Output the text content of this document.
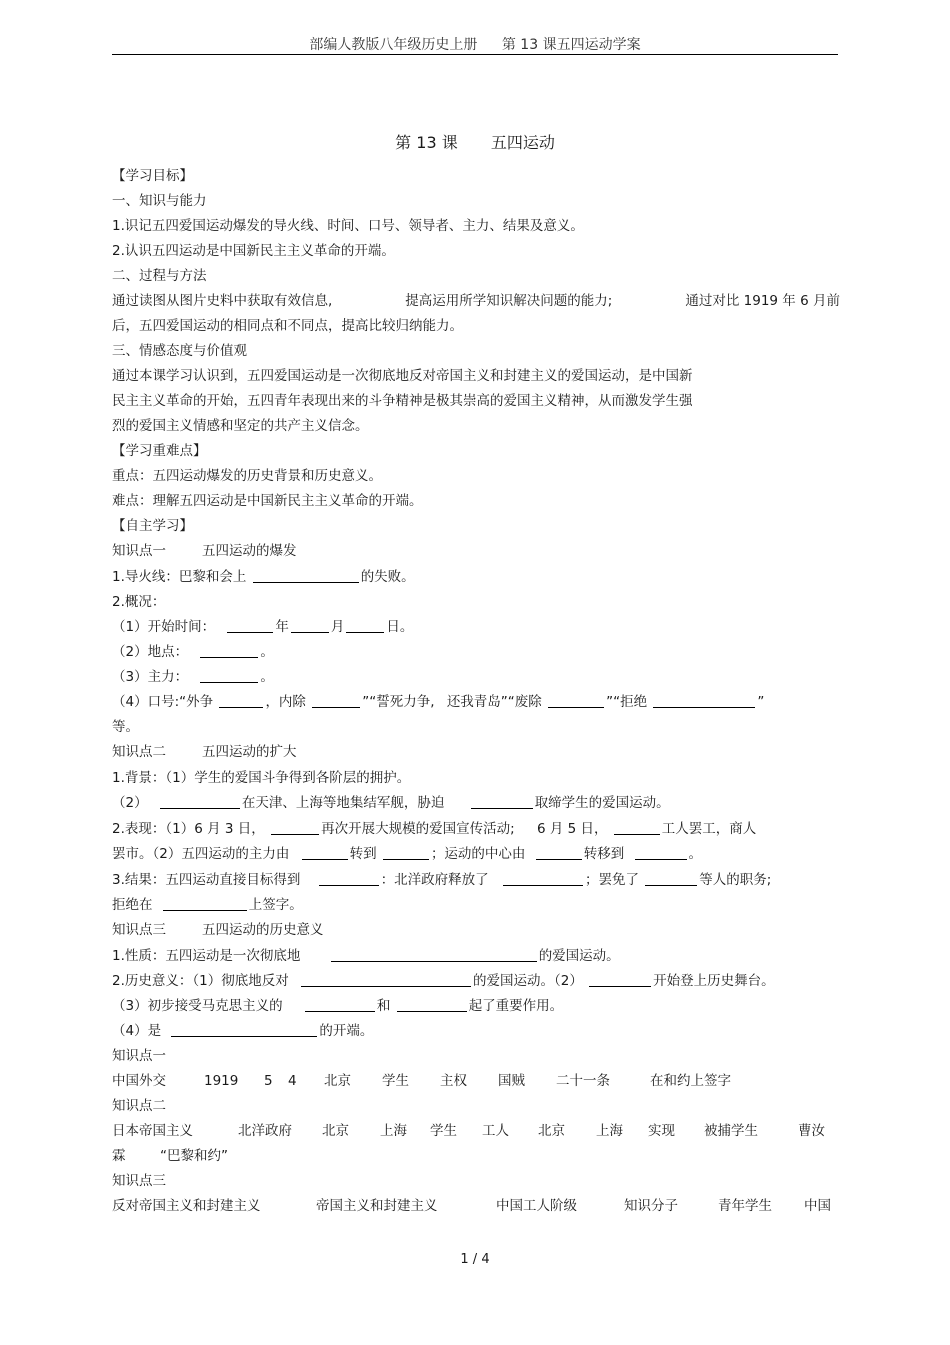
部编人教版八年级历史上册 第 13 课五四运动学案
第 13 课 五四运动
【学习目标】
一、知识与能力
1.识记五四爱国运动爆发的导火线、时间、口号、领导者、主力、结果及意义。
2.认识五四运动是中国新民主主义革命的开端。
二、过程与方法
通过读图从图片史料中获取有效信息,	提高运用所学知识解决问题的能力;	通过对比 1919 年 6 月前
后，五四爱国运动的相同点和不同点，提高比较归纳能力。
三、情感态度与价值观
通过本课学习认识到，五四爱国运动是一次彻底地反对帝国主义和封建主义的爱国运动，是中国新
民主主义革命的开始，五四青年表现出来的斗争精神是极其崇高的爱国主义精神，从而激发学生强
烈的爱国主义情感和坚定的共产主义信念。
【学习重难点】
重点：五四运动爆发的历史背景和历史意义。
难点：理解五四运动是中国新民主主义革命的开端。
【自主学习】
知识点一	五四运动的爆发
1.导火线：巴黎和会上	的失败。
2.概况：
（1）开始时间：	年	月	日。
（2）地点：	。
（3）主力：	。
（4）口号:“外争	，内除	”“誓死力争, 还我青岛”“废除	”“拒绝	”
等。
知识点二	五四运动的扩大
1.背景：（1）学生的爱国斗争得到各阶层的拥护。
（2）	在天津、上海等地集结军舰，胁迫	取缔学生的爱国运动。
2.表现：（1）6 月 3 日，	再次开展大规模的爱国宣传活动; 6 月 5 日，	工人罢工，商人
罢市。（2）五四运动的主力由	转到	；运动的中心由	转移到	。
3.结果：五四运动直接目标得到	：北洋政府释放了	；罢免了	等人的职务;
拒绝在	上签字。
知识点三	五四运动的历史意义
1.性质：五四运动是一次彻底地	的爱国运动。
2.历史意义：（1）彻底地反对	的爱国运动。（2）	开始登上历史舞台。
（3）初步接受马克思主义的	和	起了重要作用。
（4）是	的开端。
知识点一
中国外交	1919	5	4	北京	学生	主权	国贼	二十一条	在和约上签字
知识点二
日本帝国主义	北洋政府	北京	上海	学生	工人	北京	上海	实现	被捕学生	曹汝
霖	“巴黎和约”
知识点三
反对帝国主义和封建主义	帝国主义和封建主义	中国工人阶级	知识分子	青年学生	中国
1 / 4
